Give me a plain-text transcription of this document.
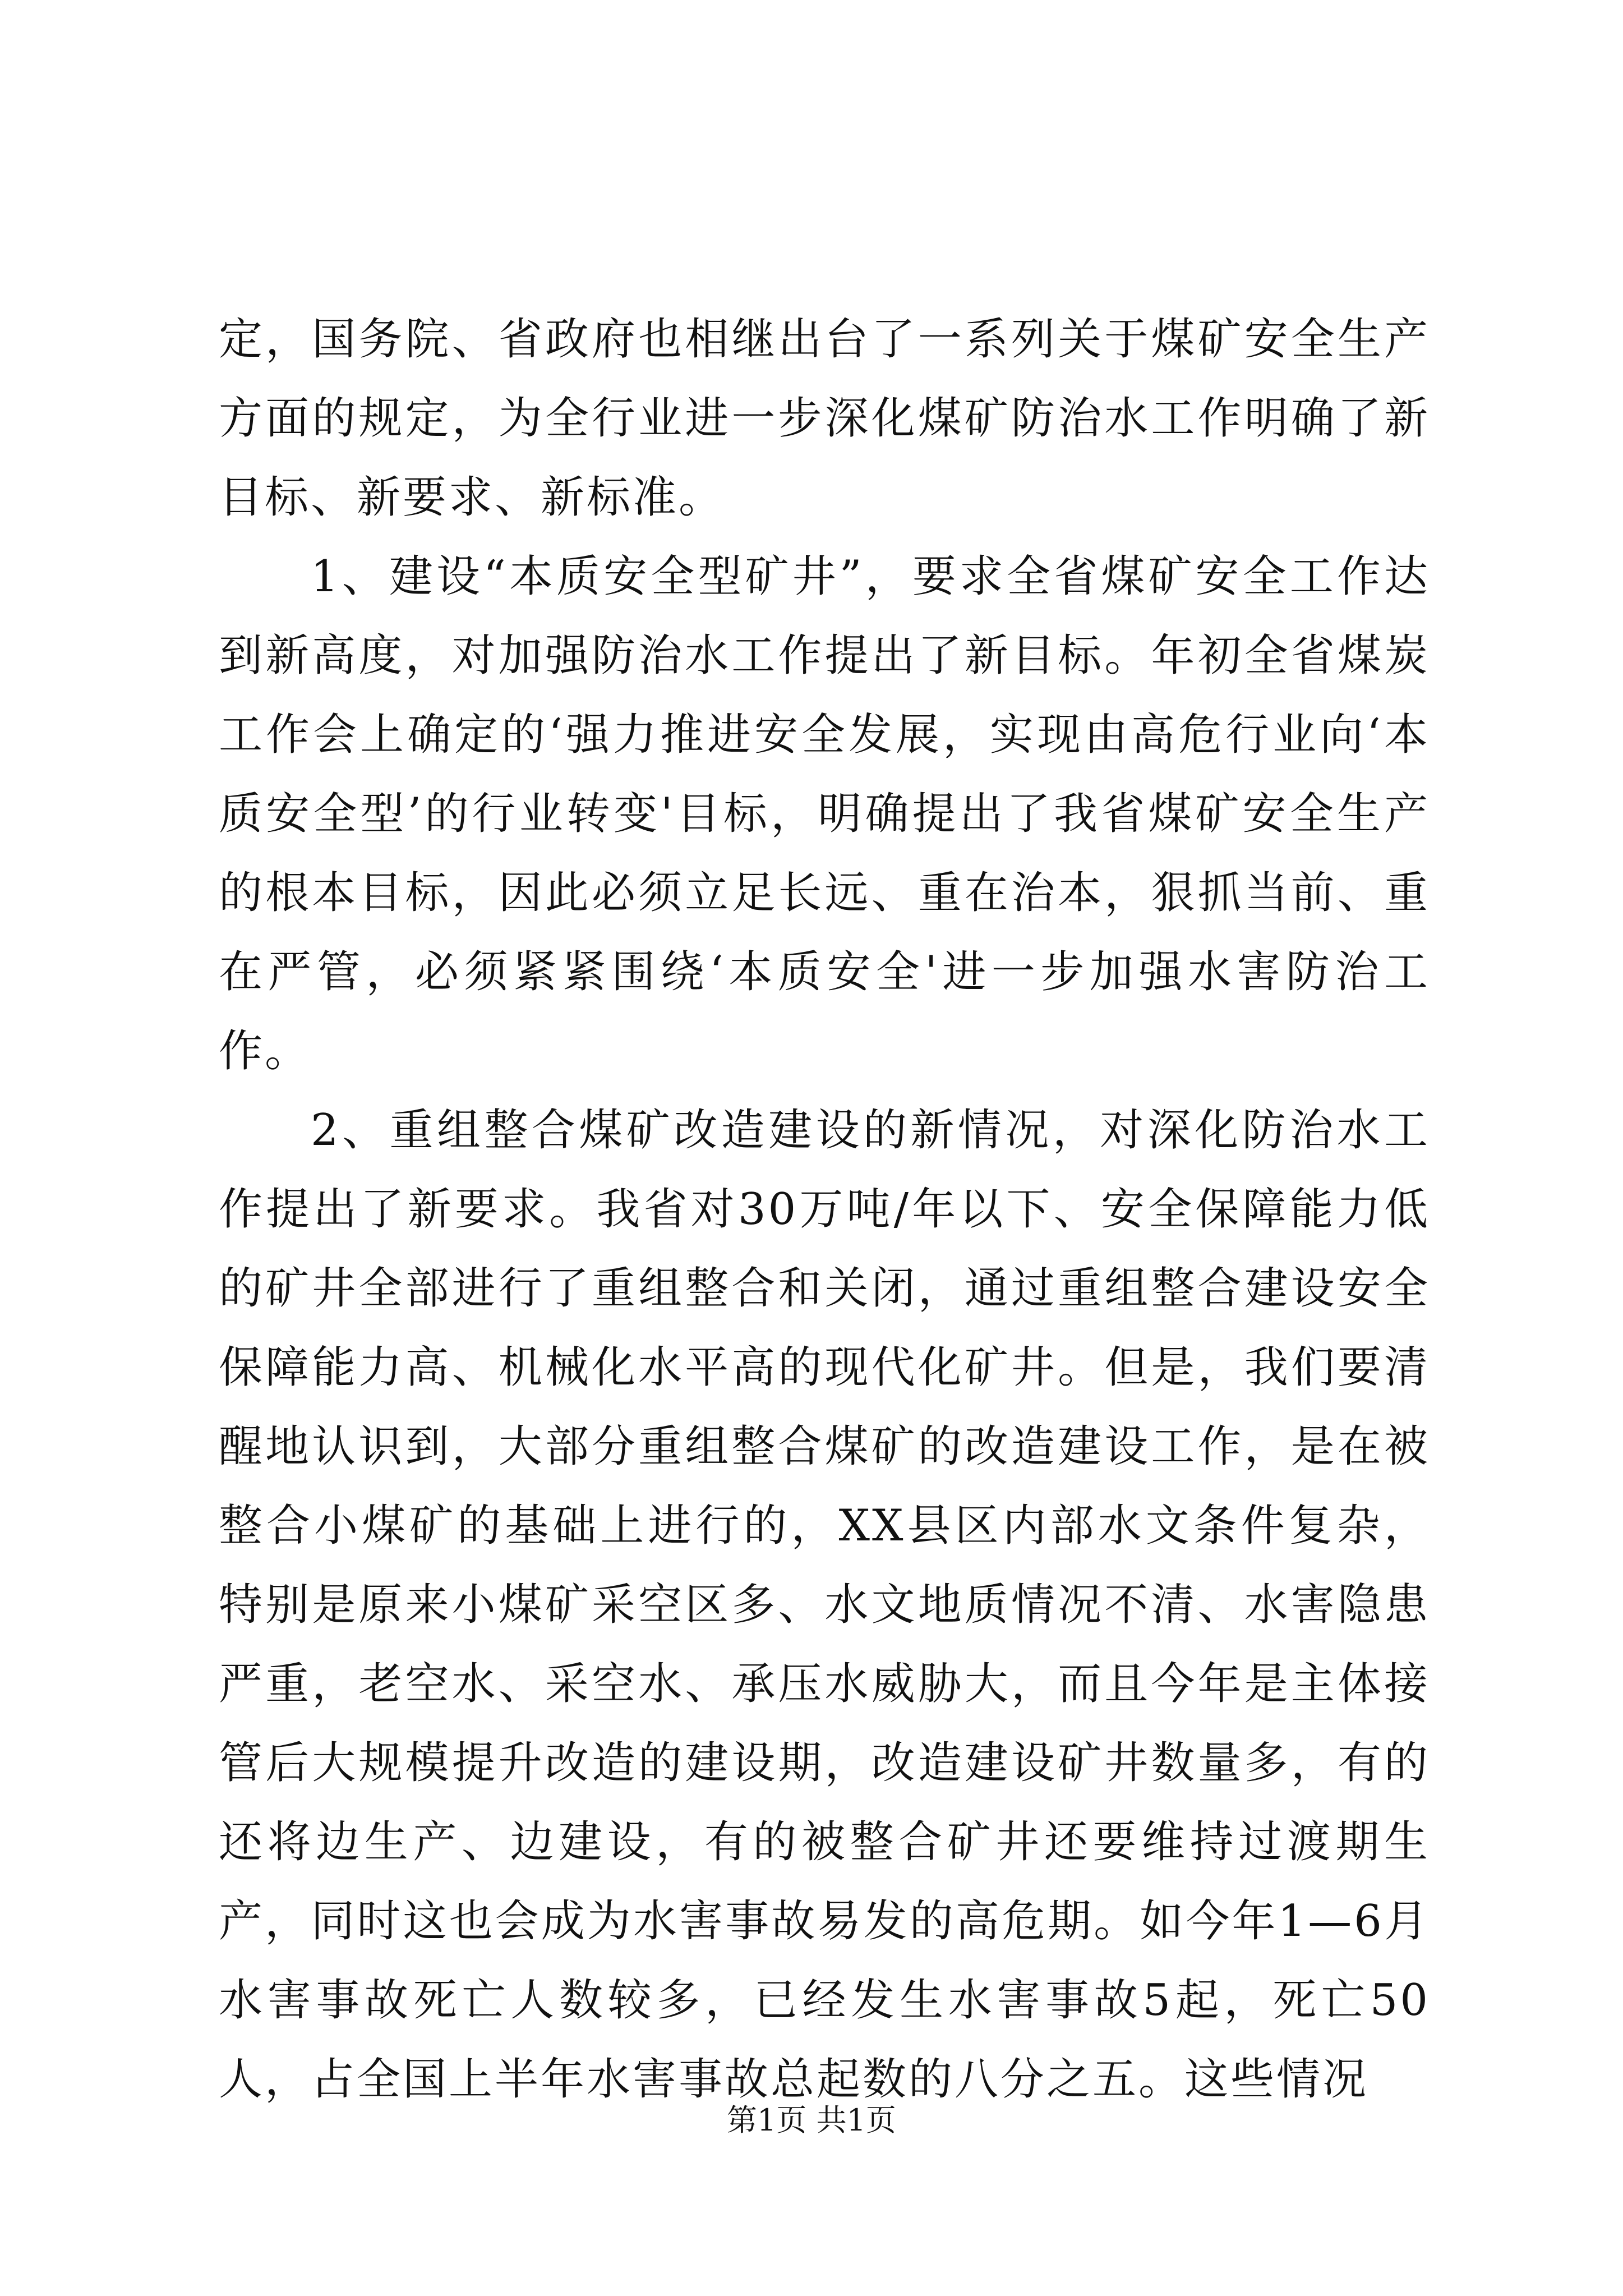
定，国务院、省政府也相继出台了一系列关于煤矿安全生产方面的规定，为全行业进一步深化煤矿防治水工作明确了新目标、新要求、新标准。

1、建设“本质安全型矿井”，要求全省煤矿安全工作达到新高度，对加强防治水工作提出了新目标。年初全省煤炭工作会上确定的‘强力推进安全发展，实现由高危行业向‘本质安全型’的行业转变'目标，明确提出了我省煤矿安全生产的根本目标，因此必须立足长远、重在治本，狠抓当前、重在严管，必须紧紧围绕‘本质安全'进一步加强水害防治工作。

2、重组整合煤矿改造建设的新情况，对深化防治水工作提出了新要求。我省对30万吨/年以下、安全保障能力低的矿井全部进行了重组整合和关闭，通过重组整合建设安全保障能力高、机械化水平高的现代化矿井。但是，我们要清醒地认识到，大部分重组整合煤矿的改造建设工作，是在被整合小煤矿的基础上进行的，XX县区内部水文条件复杂，特别是原来小煤矿采空区多、水文地质情况不清、水害隐患严重，老空水、采空水、承压水威胁大，而且今年是主体接管后大规模提升改造的建设期，改造建设矿井数量多，有的还将边生产、边建设，有的被整合矿井还要维持过渡期生产，同时这也会成为水害事故易发的高危期。如今年1—6月水害事故死亡人数较多，已经发生水害事故5起，死亡50人，占全国上半年水害事故总起数的八分之五。这些情况

第1页 共1页
